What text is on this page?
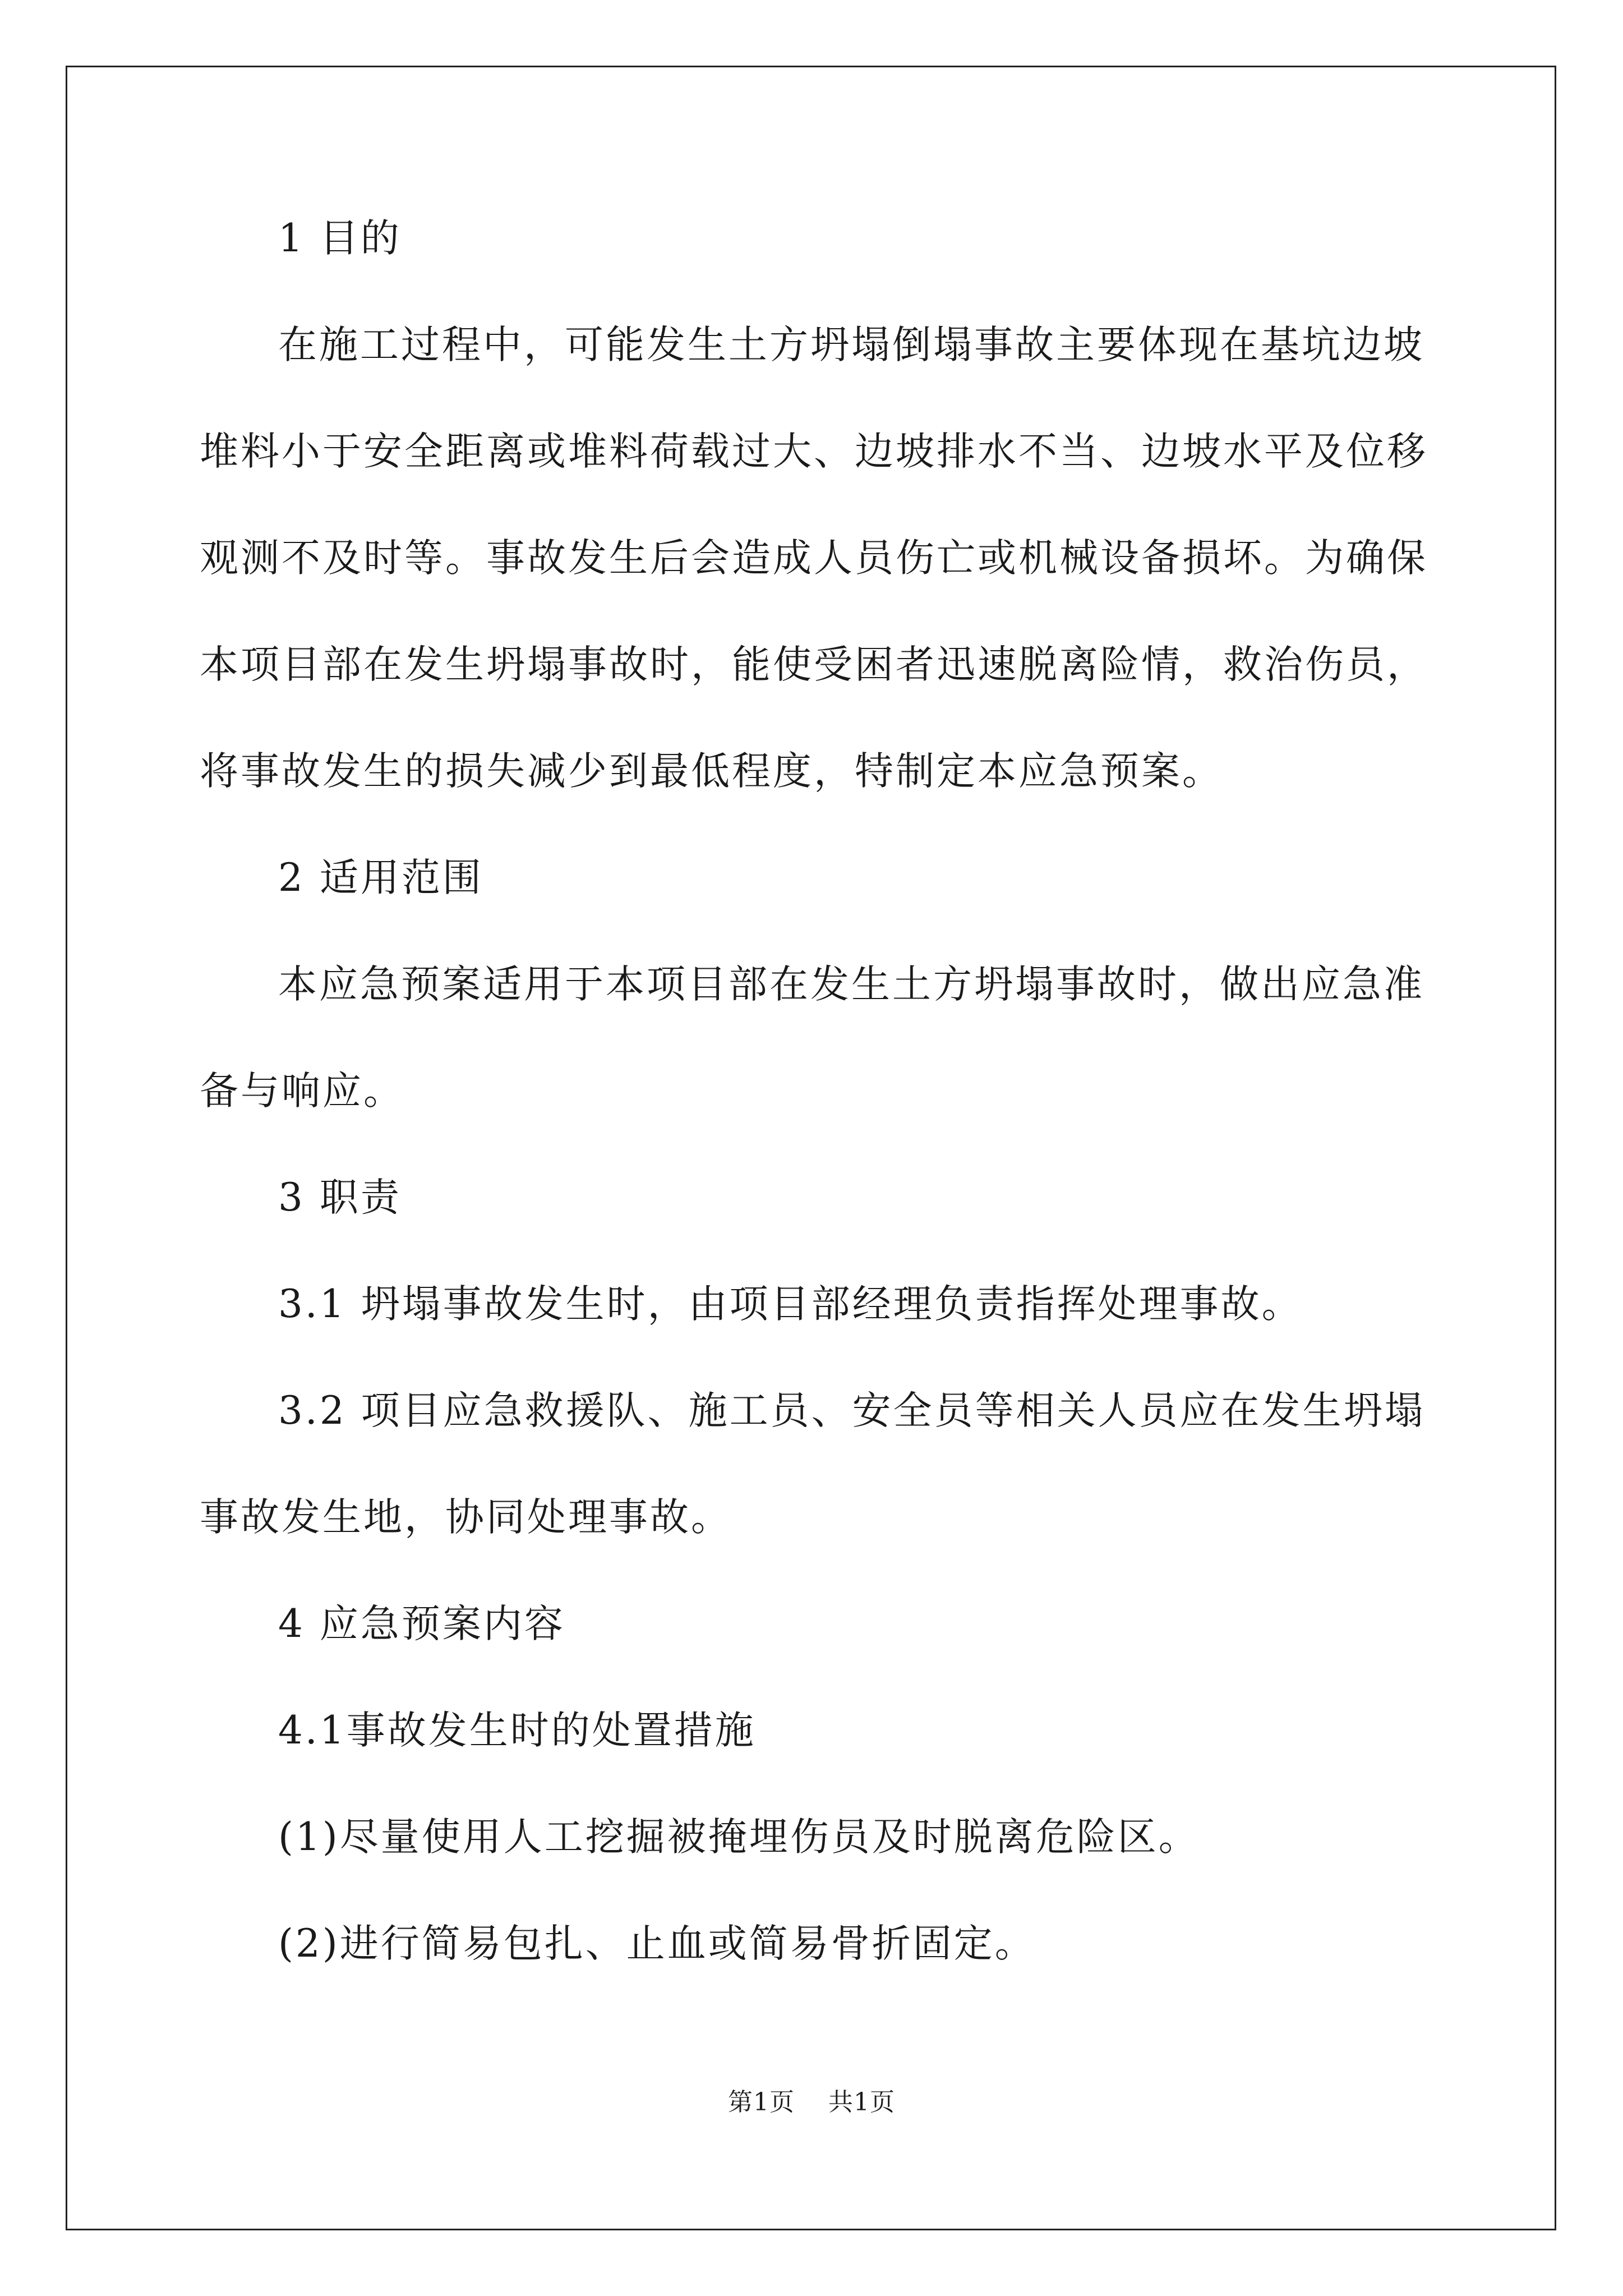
1 目的
在施工过程中，可能发生土方坍塌倒塌事故主要体现在基坑边坡
堆料小于安全距离或堆料荷载过大、边坡排水不当、边坡水平及位移
观测不及时等。事故发生后会造成人员伤亡或机械设备损坏。为确保
本项目部在发生坍塌事故时，能使受困者迅速脱离险情，救治伤员，
将事故发生的损失减少到最低程度，特制定本应急预案。
2 适用范围
本应急预案适用于本项目部在发生土方坍塌事故时，做出应急准
备与响应。
3 职责
3.1 坍塌事故发生时，由项目部经理负责指挥处理事故。
3.2 项目应急救援队、施工员、安全员等相关人员应在发生坍塌
事故发生地，协同处理事故。
4 应急预案内容
4.1事故发生时的处置措施
(1)尽量使用人工挖掘被掩埋伤员及时脱离危险区。
(2)进行简易包扎、止血或简易骨折固定。
第1页    共1页
